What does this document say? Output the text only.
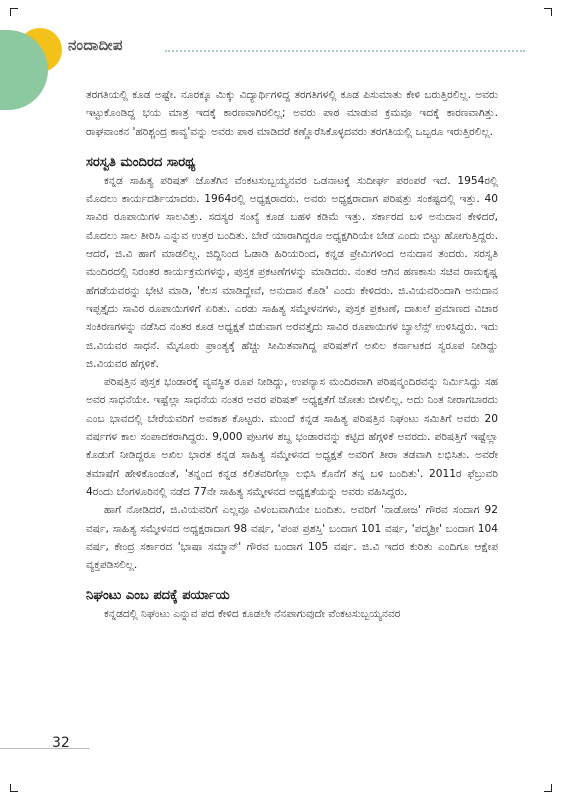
ನಂದಾದೀಪ

ತರಗತಿಯಲ್ಲಿ ಕೂಡ ಅಷ್ಟೇ. ನೂರಕ್ಕೂ ಮಿಕ್ಕು ವಿದ್ಯಾರ್ಥಿಗಳಿದ್ದ ತರಗತಿಗಳಲ್ಲಿ ಕೂಡ ಪಿಸುಮಾತು ಕೇಳಿ ಬರುತ್ತಿರಲಿಲ್ಲ. ಅವರು ಇಟ್ಟುಕೊಂಡಿದ್ದ ಭಯ ಮಾತ್ರ ಇದಕ್ಕೆ ಕಾರಣವಾಗಿರಲಿಲ್ಲ; ಅವರು ಪಾಠ ಮಾಡುವ ಕ್ರಮವೂ ಇದಕ್ಕೆ ಕಾರಣವಾಗಿತ್ತು. ರಾಘವಾಂಕನ 'ಹರಿಶ್ಚಂದ್ರ ಕಾವ್ಯ'ವನ್ನು ಅವರು ಪಾಠ ಮಾಡಿದರೆ ಕಣ್ಣೊರೆಸಿಕೊಳ್ಳದವರು ತರಗತಿಯಲ್ಲಿ ಒಬ್ಬರೂ ಇರುತ್ತಿರಲಿಲ್ಲ.

ಸರಸ್ವತಿ ಮಂದಿರದ ಸಾರಥ್ಯ

ಕನ್ನಡ ಸಾಹಿತ್ಯ ಪರಿಷತ್ ಜೊತೆಗಿನ ವೆಂಕಟಸುಬ್ಬಯ್ಯನವರ ಒಡನಾಟಕ್ಕೆ ಸುದೀರ್ಘ ಪರಂಪರೆ ಇದೆ. 1954ರಲ್ಲಿ ಮೊದಲು ಕಾರ್ಯದರ್ಶಿಯಾದರು. 1964ರಲ್ಲಿ ಅಧ್ಯಕ್ಷರಾದರು. ಅವರು ಅಧ್ಯಕ್ಷರಾದಾಗ ಪರಿಷತ್ತು ಸಂಕಷ್ಟದಲ್ಲಿ ಇತ್ತು. 40 ಸಾವಿರ ರೂಪಾಯಿಗಳ ಸಾಲವಿತ್ತು. ಸದಸ್ಯರ ಸಂಖ್ಯೆ ಕೂಡ ಬಹಳ ಕಡಿಮೆ ಇತ್ತು. ಸರ್ಕಾರದ ಬಳಿ ಅನುದಾನ ಕೇಳಿದರೆ, ಮೊದಲು ಸಾಲ ತೀರಿಸಿ ಎನ್ನುವ ಉತ್ತರ ಬಂದಿತು. ಬೇರೆ ಯಾರಾಗಿದ್ದರೂ ಅಧ್ಯಕ್ಷಗಿರಿಯೇ ಬೇಡ ಎಂದು ಬಿಟ್ಟು ಹೋಗುತ್ತಿದ್ದರು. ಆದರೆ, ಜಿ.ವಿ ಹಾಗೆ ಮಾಡಲಿಲ್ಲ. ಜಿದ್ದಿನಿಂದ ಓಡಾಡಿ ಹಿರಿಯರಿಂದ, ಕನ್ನಡ ಪ್ರೇಮಿಗಳಿಂದ ಅನುದಾನ ತಂದರು. ಸರಸ್ವತಿ ಮಂದಿರದಲ್ಲಿ ನಿರಂತರ ಕಾರ್ಯಕ್ರಮಗಳನ್ನು, ಪುಸ್ತಕ ಪ್ರಕಟಣೆಗಳನ್ನು ಮಾಡಿದರು. ನಂತರ ಆಗಿನ ಹಣಕಾಸು ಸಚಿವ ರಾಮಕೃಷ್ಣ ಹೆಗಡೆಯವರನ್ನು ಭೇಟಿ ಮಾಡಿ, 'ಕೆಲಸ ಮಾಡಿದ್ದೇವೆ, ಅನುದಾನ ಕೊಡಿ' ಎಂದು ಕೇಳಿದರು. ಜಿ.ವಿಯವರಿಂದಾಗಿ ಅನುದಾನ ಇಪ್ಪತ್ತೈದು ಸಾವಿರ ರೂಪಾಯಿಗಳಿಗೆ ಏರಿತು. ಎರಡು ಸಾಹಿತ್ಯ ಸಮ್ಮೇಳನಗಳು, ಪುಸ್ತಕ ಪ್ರಕಟಣೆ, ದಾಖಲೆ ಪ್ರಮಾಣದ ವಿಚಾರ ಸಂಕಿರಣಗಳನ್ನು ನಡೆಸಿದ ನಂತರ ಕೂಡ ಅಧ್ಯಕ್ಷತೆ ಬಿಡುವಾಗ ಅರವತ್ತೈದು ಸಾವಿರ ರೂಪಾಯಿಗಳ ಬ್ಯಾಲೆನ್ಸ್ ಉಳಿಸಿದ್ದರು. ಇದು ಜಿ.ವಿಯವರ ಸಾಧನೆ. ಮೈಸೂರು ಪ್ರಾಂತ್ಯಕ್ಕೆ ಹೆಚ್ಚು ಸೀಮಿತವಾಗಿದ್ದ ಪರಿಷತ್‌ಗೆ ಅಖಿಲ ಕರ್ನಾಟಕದ ಸ್ವರೂಪ ನೀಡಿದ್ದು ಜಿ.ವಿಯವರ ಹೆಗ್ಗಳಿಕೆ.

ಪರಿಷತ್ತಿನ ಪುಸ್ತಕ ಭಂಡಾರಕ್ಕೆ ವ್ಯವಸ್ಥಿತ ರೂಪ ನೀಡಿದ್ದು, ಉಪನ್ಯಾಸ ಮಂದಿರವಾಗಿ ಪರಿಷನ್ಮಂದಿರವನ್ನು ನಿರ್ಮಿಸಿದ್ದು ಸಹ ಅವರ ಸಾಧನೆಯೇ. ಇಷ್ಟೆಲ್ಲಾ ಸಾಧನೆಯ ನಂತರ ಅವರ ಪರಿಷತ್ ಅಧ್ಯಕ್ಷತೆಗೆ ಜೋತು ಬೀಳಲಿಲ್ಲ. ಅದು ನಿಂತ ನೀರಾಗಬಾರದು ಎಂಬ ಭಾವದಲ್ಲಿ ಬೇರೆಯವರಿಗೆ ಅವಕಾಶ ಕೊಟ್ಟರು. ಮುಂದೆ ಕನ್ನಡ ಸಾಹಿತ್ಯ ಪರಿಷತ್ತಿನ ನಿಘಂಟು ಸಮಿತಿಗೆ ಅವರು 20 ವರ್ಷಗಳ ಕಾಲ ಸಂಪಾದಕರಾಗಿದ್ದರು. 9,000 ಪುಟಗಳ ಶಬ್ದ ಭಂಡಾರವನ್ನು ಕಟ್ಟಿದ ಹೆಗ್ಗಳಿಕೆ ಅವರದು. ಪರಿಷತ್ತಿಗೆ ಇಷ್ಟೆಲ್ಲಾ ಕೊಡುಗೆ ನೀಡಿದ್ದರೂ ಅಖಿಲ ಭಾರತ ಕನ್ನಡ ಸಾಹಿತ್ಯ ಸಮ್ಮೇಳನದ ಅಧ್ಯಕ್ಷತೆ ಅವರಿಗೆ ತೀರಾ ತಡವಾಗಿ ಲಭಿಸಿತು. ಅವರೇ ತಮಾಷೆಗೆ ಹೇಳಿಕೊಂಡಂತೆ, 'ತನ್ನಂದ ಕನ್ನಡ ಕಲಿತವರಿಗೆಲ್ಲಾ ಲಭಿಸಿ ಕೊನೆಗೆ ತನ್ನ ಬಳಿ ಬಂದಿತು'. 2011ರ ಫೆಬ್ರುವರಿ 4ರಂದು ಬೆಂಗಳೂರಿನಲ್ಲಿ ನಡೆದ 77ನೇ ಸಾಹಿತ್ಯ ಸಮ್ಮೇಳನದ ಅಧ್ಯಕ್ಷತೆಯನ್ನು ಅವರು ವಹಿಸಿದ್ದರು.

ಹಾಗೆ ನೋಡಿದರೆ, ಜಿ.ವಿಯವರಿಗೆ ಎಲ್ಲವೂ ವಿಳಂಬವಾಗಿಯೇ ಬಂದಿತು. ಅವರಿಗೆ 'ನಾಡೋಜ' ಗೌರವ ಸಂದಾಗ 92 ವರ್ಷ, ಸಾಹಿತ್ಯ ಸಮ್ಮೇಳನದ ಅಧ್ಯಕ್ಷರಾದಾಗ 98 ವರ್ಷ, 'ಪಂಪ ಪ್ರಶಸ್ತಿ' ಬಂದಾಗ 101 ವರ್ಷ, 'ಪದ್ಮಶ್ರೀ' ಬಂದಾಗ 104 ವರ್ಷ, ಕೇಂದ್ರ ಸರ್ಕಾರದ 'ಭಾಷಾ ಸಮ್ಮಾನ್' ಗೌರವ ಬಂದಾಗ 105 ವರ್ಷ. ಜಿ.ವಿ ಇದರ ಕುರಿತು ಎಂದಿಗೂ ಆಕ್ಷೇಪ ವ್ಯಕ್ತಪಡಿಸಲಿಲ್ಲ.

ನಿಘಂಟು ಎಂಬ ಪದಕ್ಕೆ ಪರ್ಯಾಯ

ಕನ್ನಡದಲ್ಲಿ ನಿಘಂಟು ಎನ್ನುವ ಪದ ಕೇಳಿದ ಕೂಡಲೇ ನೆನಪಾಗುವುದೇ ವೆಂಕಟಸುಬ್ಬಯ್ಯನವರ

32
